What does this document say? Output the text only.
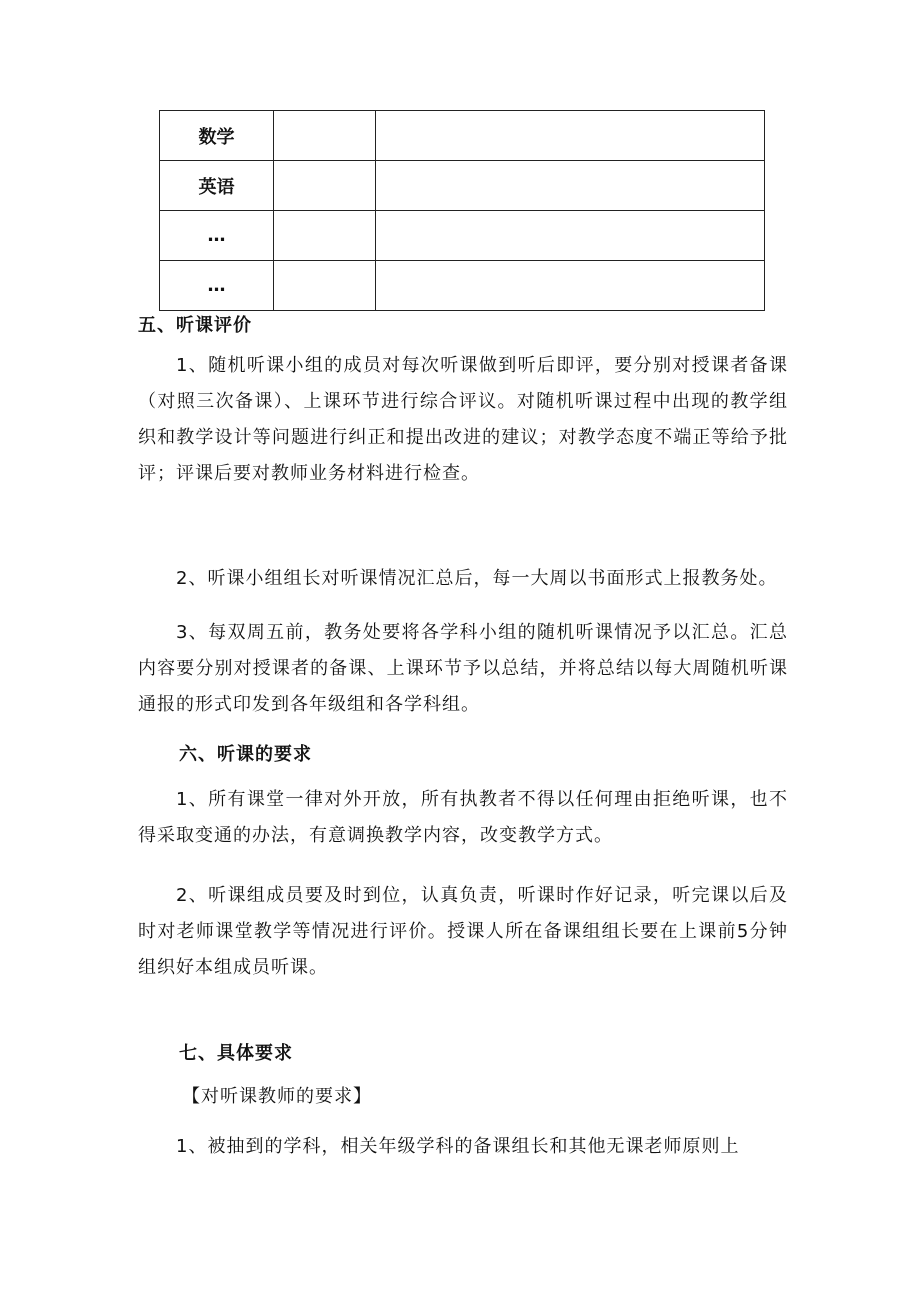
数学		
英语		
…		
…		
五、听课评价

1、随机听课小组的成员对每次听课做到听后即评，要分别对授课者备课（对照三次备课）、上课环节进行综合评议。对随机听课过程中出现的教学组织和教学设计等问题进行纠正和提出改进的建议；对教学态度不端正等给予批评；评课后要对教师业务材料进行检查。

2、听课小组组长对听课情况汇总后，每一大周以书面形式上报教务处。

3、每双周五前，教务处要将各学科小组的随机听课情况予以汇总。汇总内容要分别对授课者的备课、上课环节予以总结，并将总结以每大周随机听课通报的形式印发到各年级组和各学科组。

六、听课的要求

1、所有课堂一律对外开放，所有执教者不得以任何理由拒绝听课，也不得采取变通的办法，有意调换教学内容，改变教学方式。

2、听课组成员要及时到位，认真负责，听课时作好记录，听完课以后及时对老师课堂教学等情况进行评价。授课人所在备课组组长要在上课前5分钟组织好本组成员听课。

七、具体要求
【对听课教师的要求】

1、被抽到的学科，相关年级学科的备课组长和其他无课老师原则上
